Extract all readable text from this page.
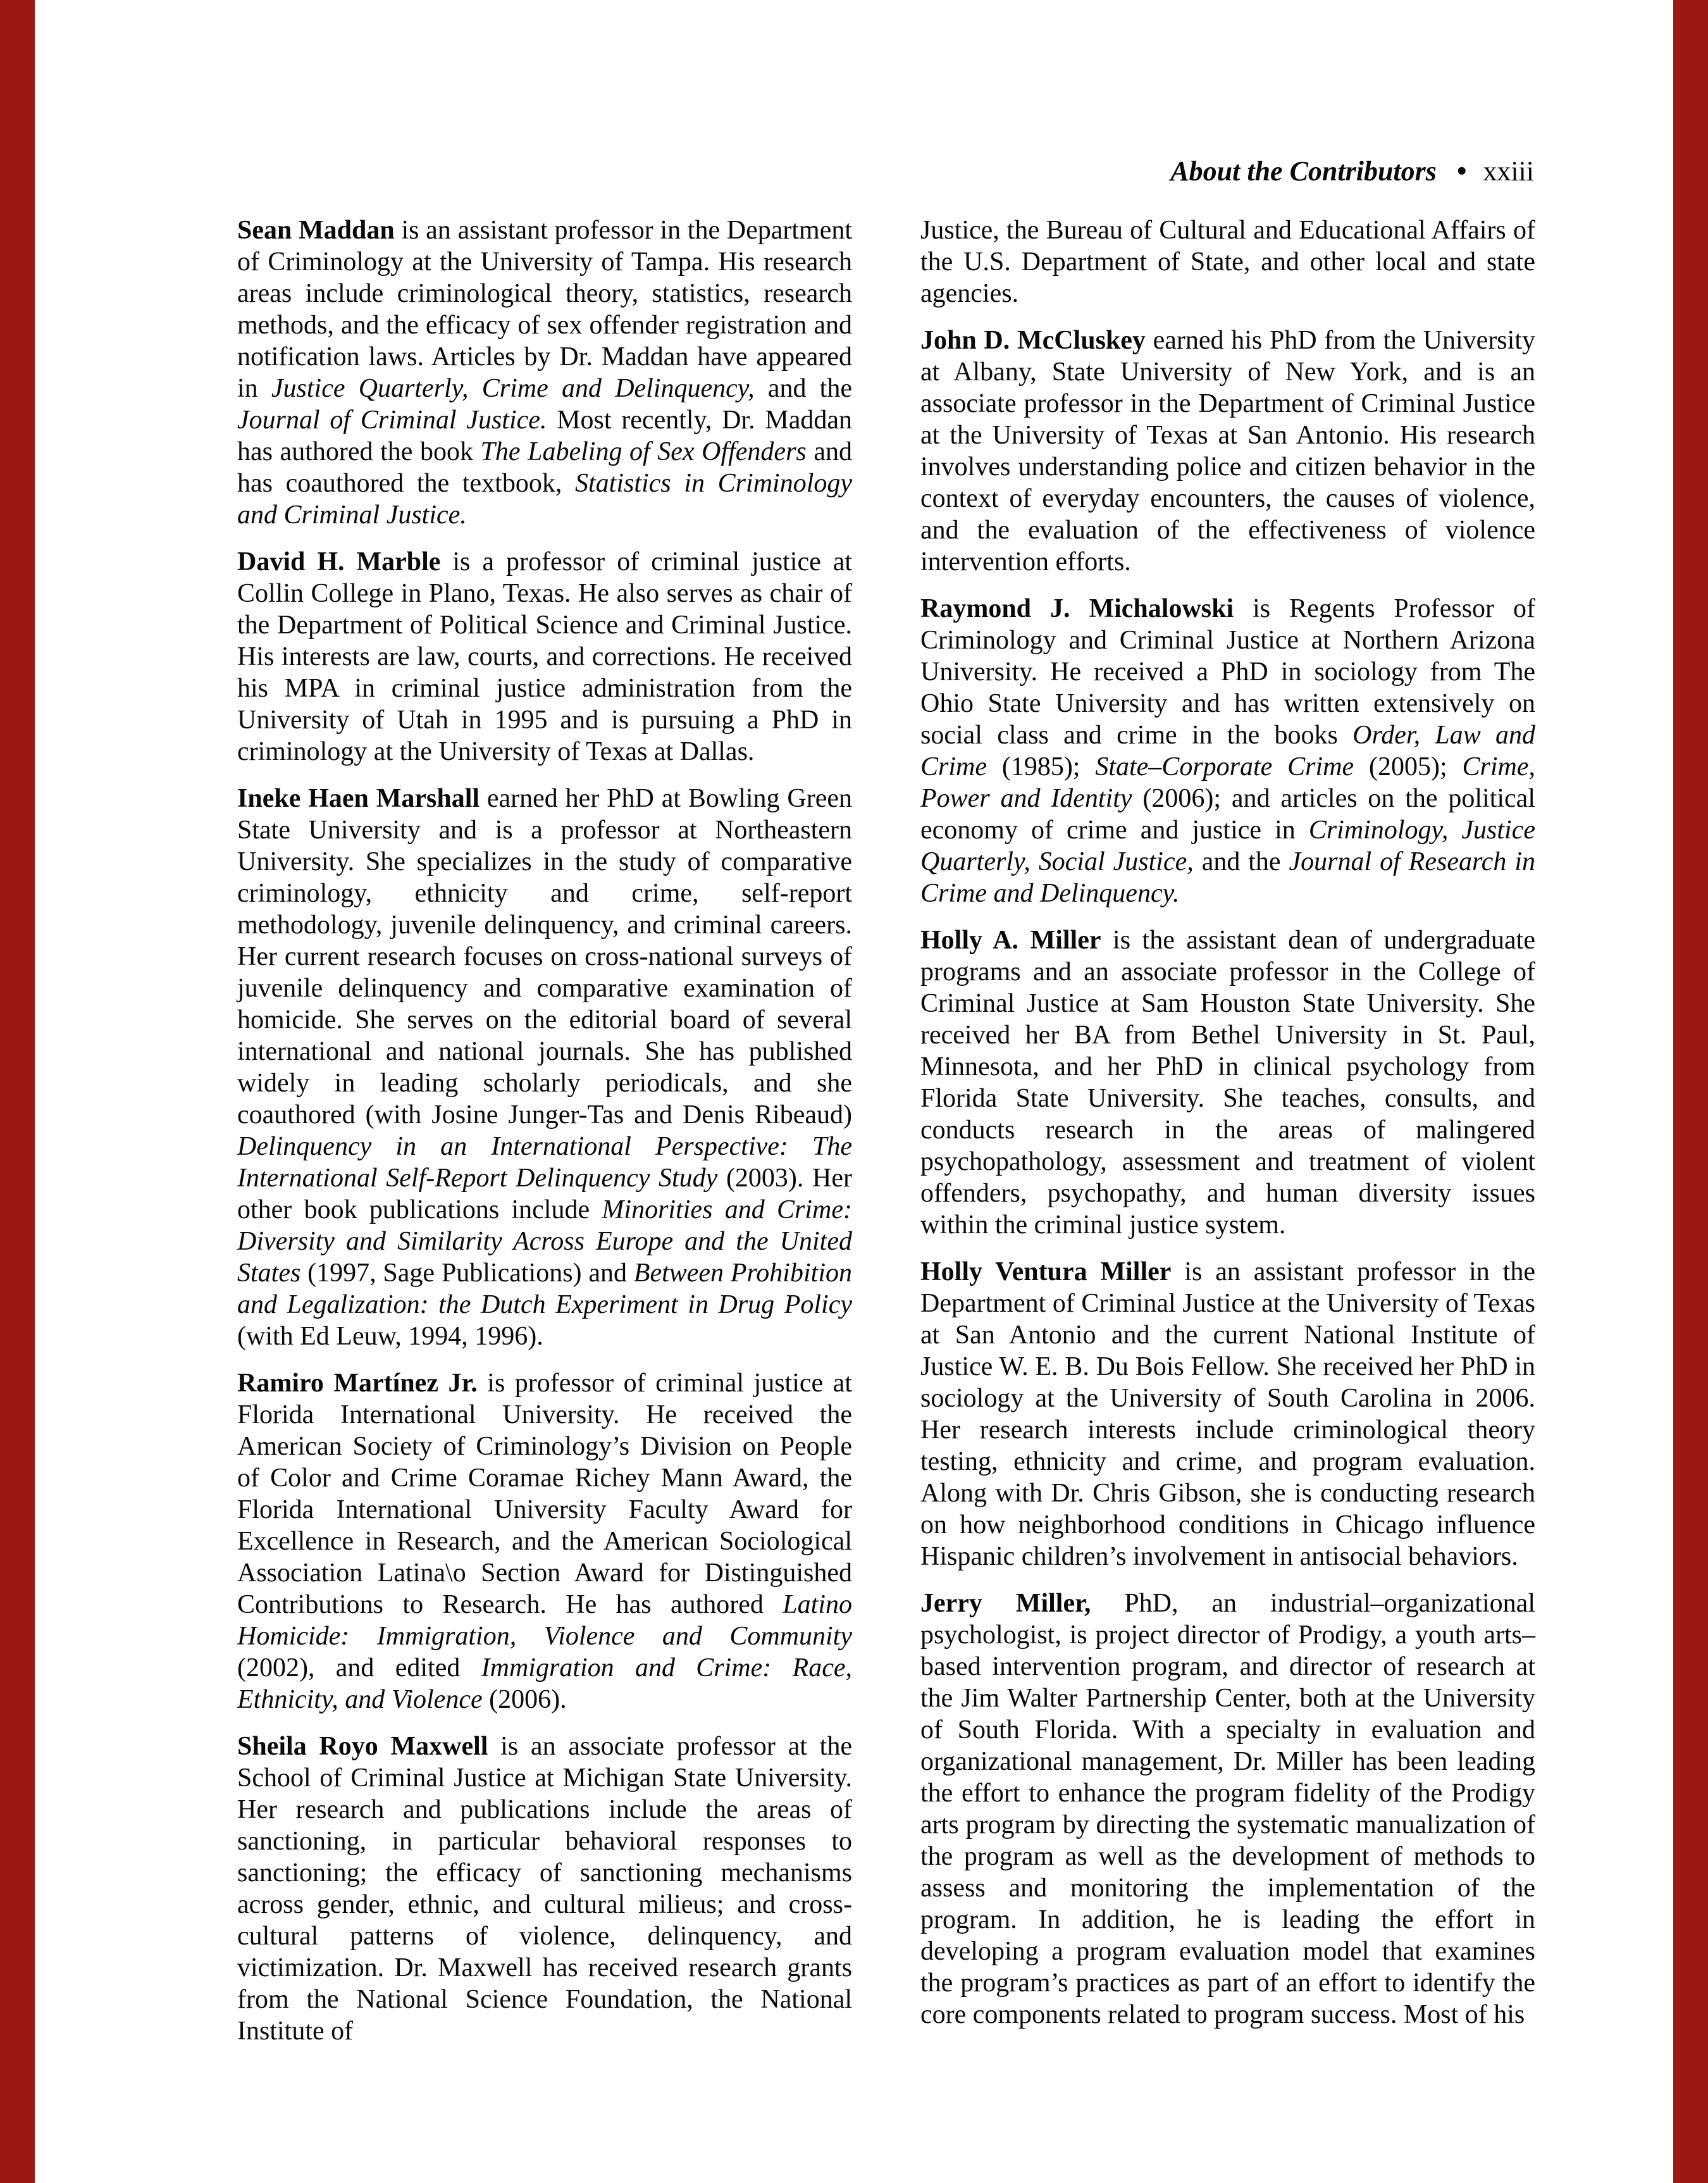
About the Contributors • xxiii

Sean Maddan is an assistant professor in the Department of Criminology at the University of Tampa. His research areas include criminological theory, statistics, research methods, and the efficacy of sex offender registration and notification laws. Articles by Dr. Maddan have appeared in Justice Quarterly, Crime and Delinquency, and the Journal of Criminal Justice. Most recently, Dr. Maddan has authored the book The Labeling of Sex Offenders and has coauthored the textbook, Statistics in Criminology and Criminal Justice.

David H. Marble is a professor of criminal justice at Collin College in Plano, Texas. He also serves as chair of the Department of Political Science and Criminal Justice. His interests are law, courts, and corrections. He received his MPA in criminal justice administration from the University of Utah in 1995 and is pursuing a PhD in criminology at the University of Texas at Dallas.

Ineke Haen Marshall earned her PhD at Bowling Green State University and is a professor at Northeastern University. She specializes in the study of comparative criminology, ethnicity and crime, self-report methodology, juvenile delinquency, and criminal careers. Her current research focuses on cross-national surveys of juvenile delinquency and comparative examination of homicide. She serves on the editorial board of several international and national journals. She has published widely in leading scholarly periodicals, and she coauthored (with Josine Junger-Tas and Denis Ribeaud) Delinquency in an International Perspective: The International Self-Report Delinquency Study (2003). Her other book publications include Minorities and Crime: Diversity and Similarity Across Europe and the United States (1997, Sage Publications) and Between Prohibition and Legalization: the Dutch Experiment in Drug Policy (with Ed Leuw, 1994, 1996).

Ramiro Martínez Jr. is professor of criminal justice at Florida International University. He received the American Society of Criminology’s Division on People of Color and Crime Coramae Richey Mann Award, the Florida International University Faculty Award for Excellence in Research, and the American Sociological Association Latina\o Section Award for Distinguished Contributions to Research. He has authored Latino Homicide: Immigration, Violence and Community (2002), and edited Immigration and Crime: Race, Ethnicity, and Violence (2006).

Sheila Royo Maxwell is an associate professor at the School of Criminal Justice at Michigan State University. Her research and publications include the areas of sanctioning, in particular behavioral responses to sanctioning; the efficacy of sanctioning mechanisms across gender, ethnic, and cultural milieus; and cross-cultural patterns of violence, delinquency, and victimization. Dr. Maxwell has received research grants from the National Science Foundation, the National Institute of

Justice, the Bureau of Cultural and Educational Affairs of the U.S. Department of State, and other local and state agencies.

John D. McCluskey earned his PhD from the University at Albany, State University of New York, and is an associate professor in the Department of Criminal Justice at the University of Texas at San Antonio. His research involves understanding police and citizen behavior in the context of everyday encounters, the causes of violence, and the evaluation of the effectiveness of violence intervention efforts.

Raymond J. Michalowski is Regents Professor of Criminology and Criminal Justice at Northern Arizona University. He received a PhD in sociology from The Ohio State University and has written extensively on social class and crime in the books Order, Law and Crime (1985); State–Corporate Crime (2005); Crime, Power and Identity (2006); and articles on the political economy of crime and justice in Criminology, Justice Quarterly, Social Justice, and the Journal of Research in Crime and Delinquency.

Holly A. Miller is the assistant dean of undergraduate programs and an associate professor in the College of Criminal Justice at Sam Houston State University. She received her BA from Bethel University in St. Paul, Minnesota, and her PhD in clinical psychology from Florida State University. She teaches, consults, and conducts research in the areas of malingered psychopathology, assessment and treatment of violent offenders, psychopathy, and human diversity issues within the criminal justice system.

Holly Ventura Miller is an assistant professor in the Department of Criminal Justice at the University of Texas at San Antonio and the current National Institute of Justice W. E. B. Du Bois Fellow. She received her PhD in sociology at the University of South Carolina in 2006. Her research interests include criminological theory testing, ethnicity and crime, and program evaluation. Along with Dr. Chris Gibson, she is conducting research on how neighborhood conditions in Chicago influence Hispanic children’s involvement in antisocial behaviors.

Jerry Miller, PhD, an industrial–organizational psychologist, is project director of Prodigy, a youth arts–based intervention program, and director of research at the Jim Walter Partnership Center, both at the University of South Florida. With a specialty in evaluation and organizational management, Dr. Miller has been leading the effort to enhance the program fidelity of the Prodigy arts program by directing the systematic manualization of the program as well as the development of methods to assess and monitoring the implementation of the program. In addition, he is leading the effort in developing a program evaluation model that examines the program’s practices as part of an effort to identify the core components related to program success. Most of his
